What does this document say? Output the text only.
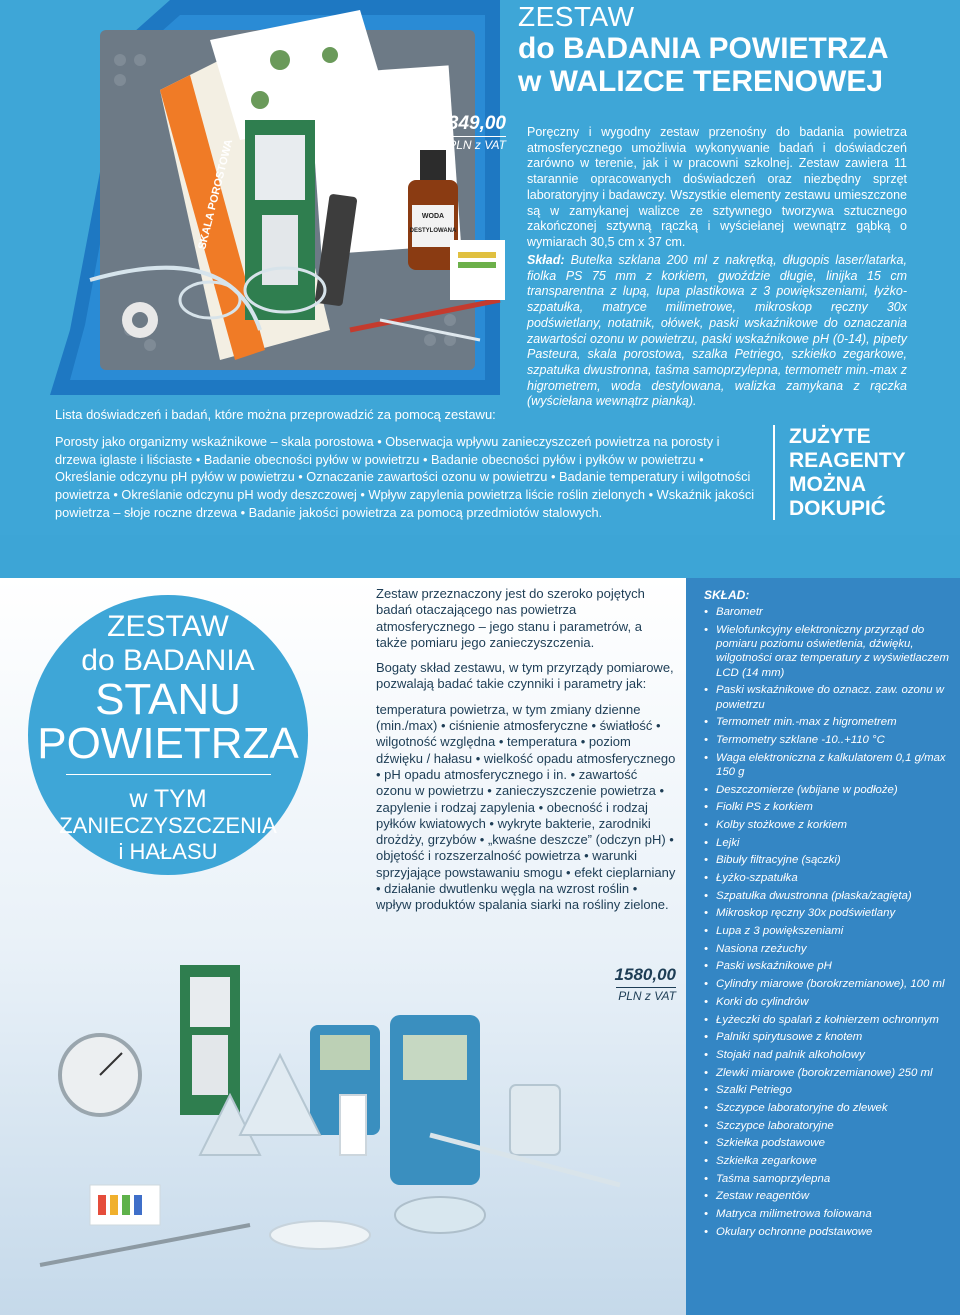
SKALA POROSTOWA	WODA
DESTYLOWANA
349,00
PLN z VAT
ZESTAW
do BADANIA POWIETRZA
w WALIZCE TERENOWEJ
Poręczny i wygodny zestaw przenośny do badania powietrza atmosferycznego umożliwia wykonywanie badań i doświadczeń zarówno w terenie, jak i w pracowni szkolnej. Zestaw zawiera 11 starannie opracowanych doświadczeń oraz niezbędny sprzęt laboratoryjny i badawczy. Wszystkie elementy zestawu umieszczone są w zamykanej walizce ze sztywnego tworzywa sztucznego zakończonej sztywną rączką i wyściełanej wewnątrz gąbką o wymiarach 30,5 cm x 37 cm.
Skład: Butelka szklana 200 ml z nakrętką, długopis laser/latarka, fiolka PS 75 mm z korkiem, gwoździe długie, linijka 15 cm transparentna z lupą, lupa plastikowa z 3 powiększeniami, łyżko-szpatułka, matryce milimetrowe, mikroskop ręczny 30x podświetlany, notatnik, ołówek, paski wskaźnikowe do oznaczania zawartości ozonu w powietrzu, paski wskaźnikowe pH (0-14), pipety Pasteura, skala porostowa, szalka Petriego, szkiełko zegarkowe, szpatułka dwustronna, taśma samoprzylepna, termometr min.-max z higrometrem, woda destylowana, walizka zamykana z rączka (wyściełana wewnątrz pianką).
Lista doświadczeń i badań, które można przeprowadzić za pomocą zestawu:
Porosty jako organizmy wskaźnikowe – skala porostowa • Obserwacja wpływu zanieczyszczeń powietrza na porosty i drzewa iglaste i liściaste • Badanie obecności pyłów w powietrzu • Badanie obecności pyłów i pyłków w powietrzu • Określanie odczynu pH pyłów w powietrzu • Oznaczanie zawartości ozonu w powietrzu • Badanie temperatury i wilgotności powietrza • Określanie odczynu pH wody deszczowej • Wpływ zapylenia powietrza liście roślin zielonych • Wskaźnik jakości powietrza – słoje roczne drzewa • Badanie jakości powietrza za pomocą przedmiotów stalowych.
ZUŻYTE
REAGENTY
MOŻNA
DOKUPIĆ
ZESTAW
do BADANIA
STANU
POWIETRZA
w TYM
ZANIECZYSZCZENIA
i HAŁASU

Zestaw przeznaczony jest do szeroko pojętych badań otaczającego nas powietrza atmosferycznego – jego stanu i parametrów, a także pomiaru jego zanieczyszczenia.

Bogaty skład zestawu, w tym przyrządy pomiarowe, pozwalają badać takie czynniki i parametry jak:

temperatura powietrza, w tym zmiany dzienne (min./max) • ciśnienie atmosferyczne • światłość • wilgotność względna • temperatura • poziom dźwięku / hałasu • wielkość opadu atmosferycznego • pH opadu atmosferycznego i in. • zawartość ozonu w powietrzu • zanieczyszczenie powietrza • zapylenie i rodzaj zapylenia • obecność i rodzaj pyłków kwiatowych • wykryte bakterie, zarodniki drożdży, grzybów • „kwaśne deszcze” (odczyn pH) • objętość i rozszerzalność powietrza • warunki sprzyjające powstawaniu smogu • efekt cieplarniany • działanie dwutlenku węgla na wzrost roślin • wpływ produktów spalania siarki na rośliny zielone.

1580,00
PLN z VAT
SKŁAD:
• Barometr
• Wielofunkcyjny elektroniczny przyrząd do pomiaru poziomu oświetlenia, dźwięku, wilgotności oraz temperatury z wyświetlaczem LCD (14 mm)
• Paski wskaźnikowe do oznacz. zaw. ozonu w powietrzu
• Termometr min.-max z higrometrem
• Termometry szklane -10..+110 °C
• Waga elektroniczna z kalkulatorem 0,1 g/max 150 g
• Deszczomierze (wbijane w podłoże)
• Fiolki PS z korkiem
• Kolby stożkowe z korkiem
• Lejki
• Bibuły filtracyjne (sączki)
• Łyżko-szpatułka
• Szpatułka dwustronna (płaska/zagięta)
• Mikroskop ręczny 30x podświetlany
• Lupa z 3 powiększeniami
• Nasiona rzeżuchy
• Paski wskaźnikowe pH
• Cylindry miarowe (borokrzemianowe), 100 ml
• Korki do cylindrów
• Łyżeczki do spalań z kołnierzem ochronnym
• Palniki spirytusowe z knotem
• Stojaki nad palnik alkoholowy
• Zlewki miarowe (borokrzemianowe) 250 ml
• Szalki Petriego
• Szczypce laboratoryjne do zlewek
• Szczypce laboratoryjne
• Szkiełka podstawowe
• Szkiełka zegarkowe
• Taśma samoprzylepna
• Zestaw reagentów
• Matryca milimetrowa foliowana
• Okulary ochronne podstawowe
